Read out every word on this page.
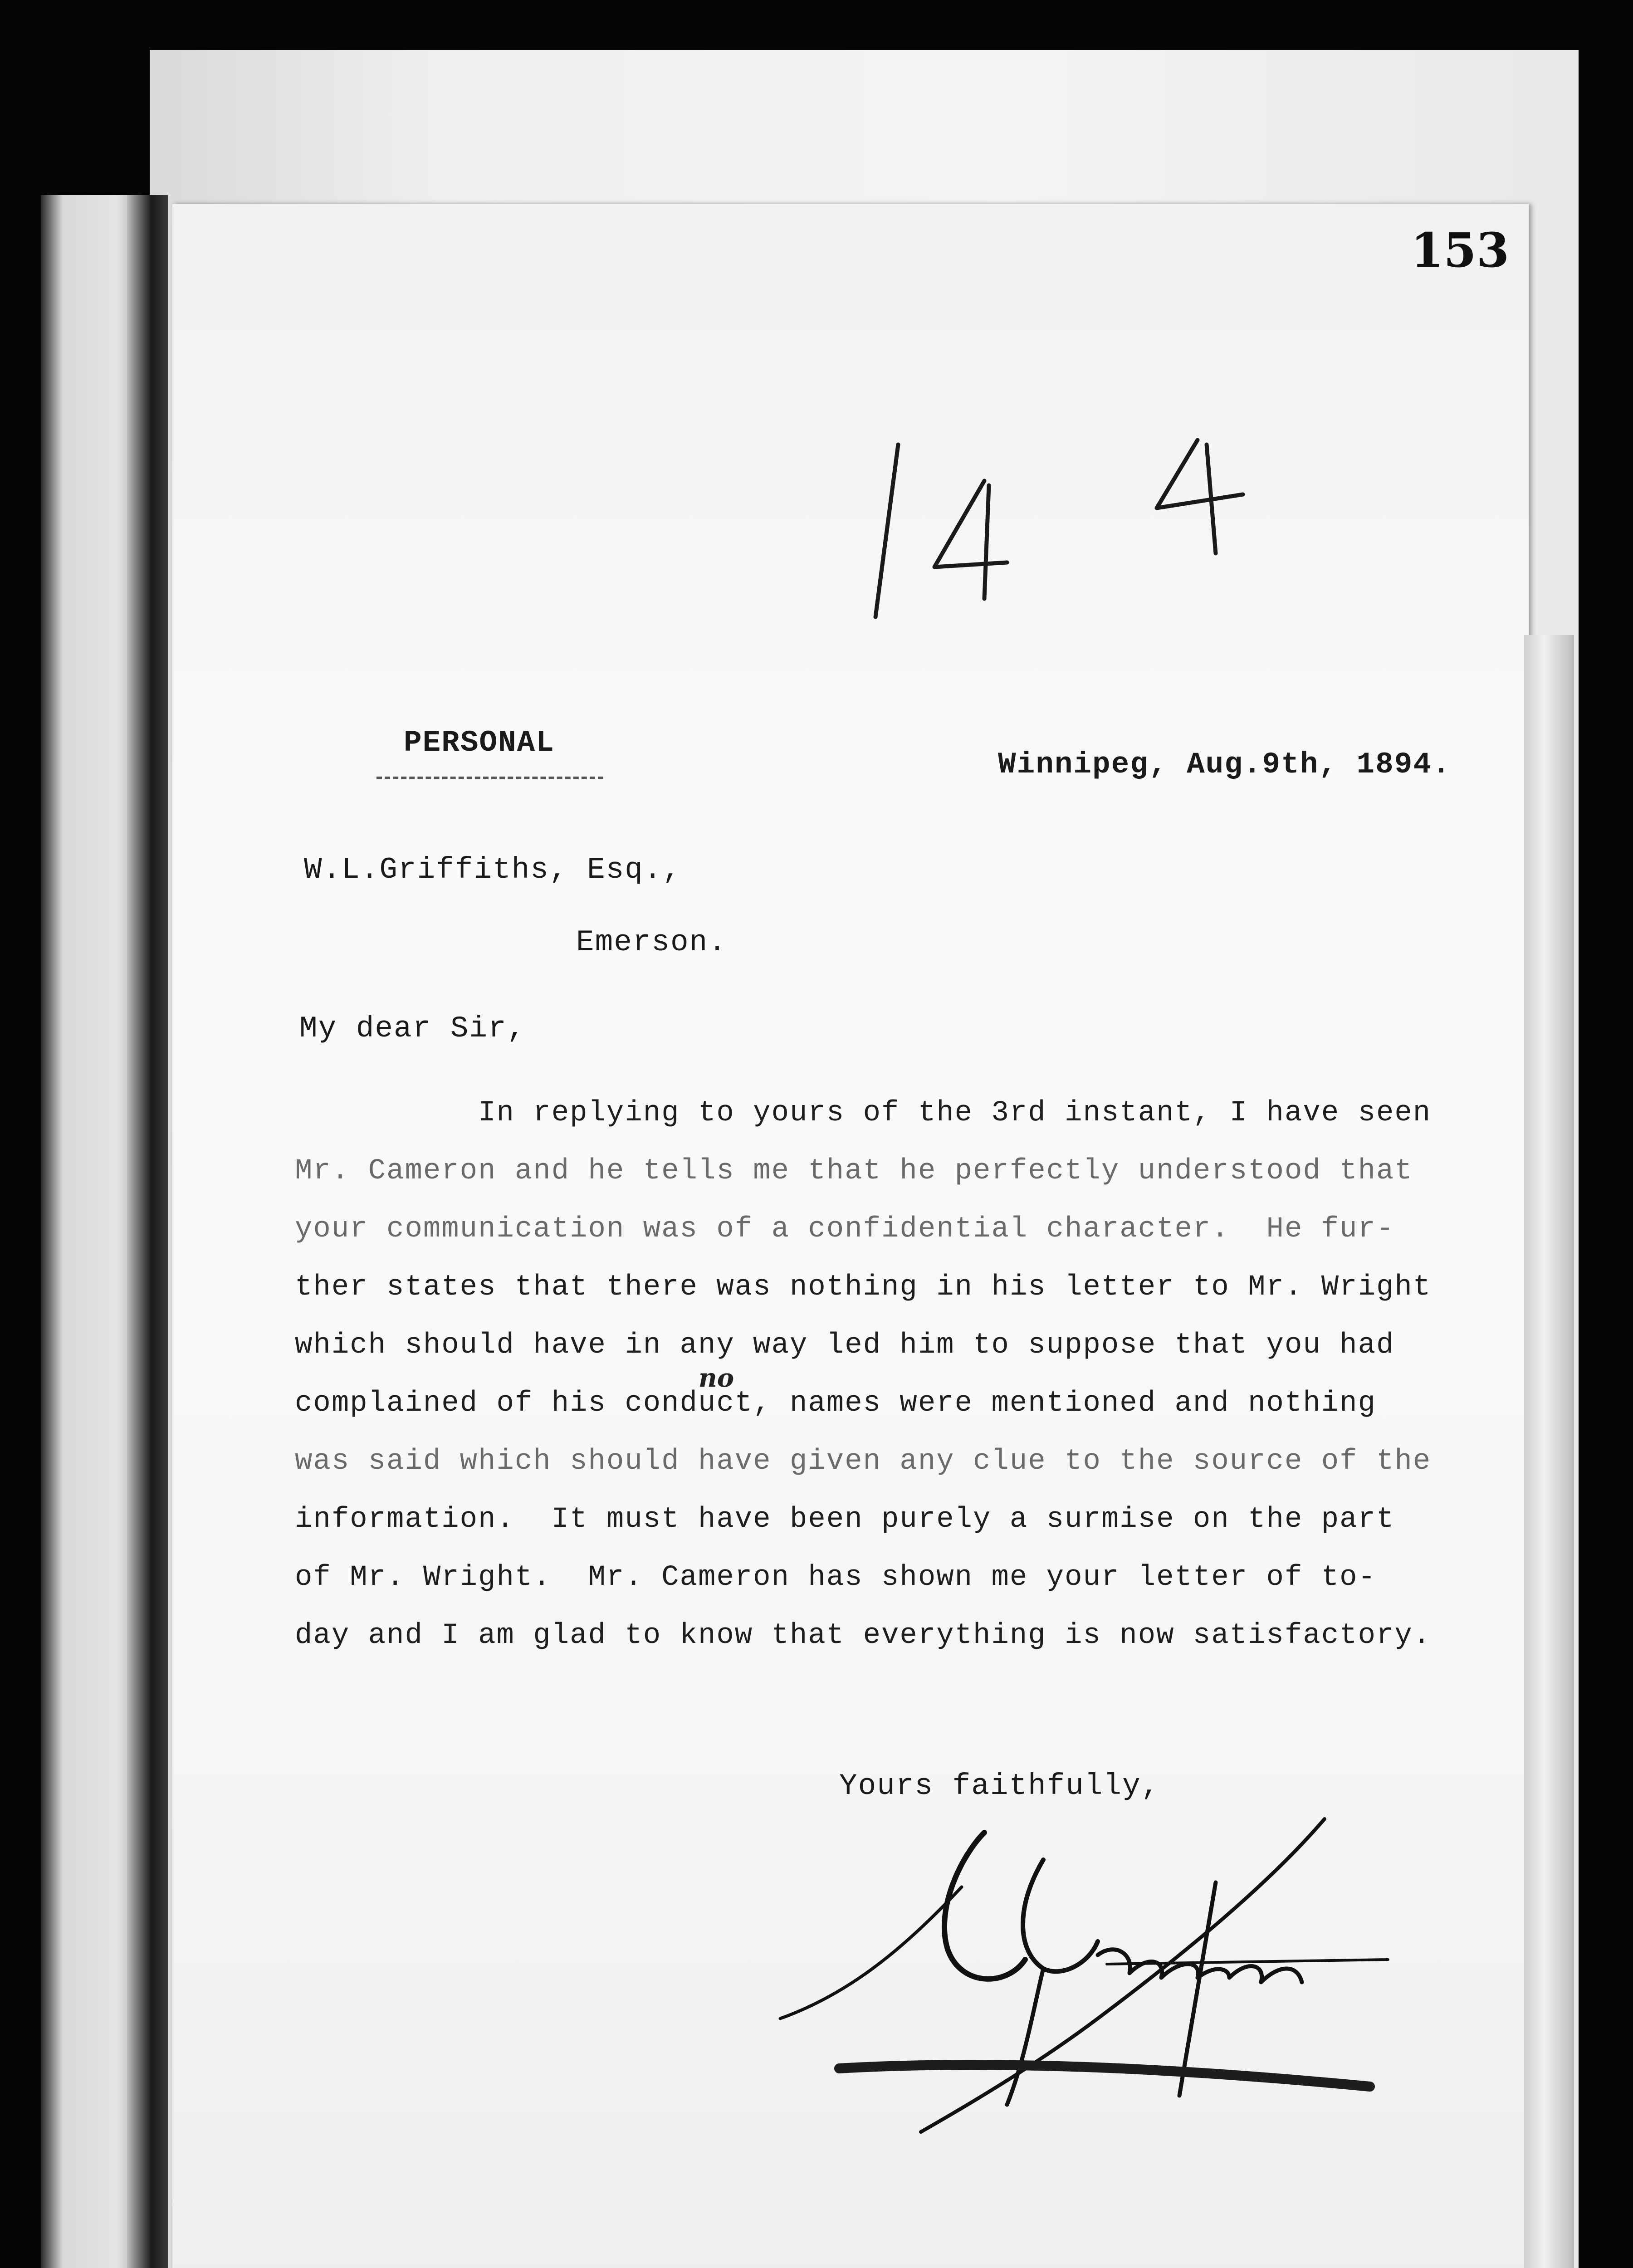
153
PERSONAL
Winnipeg, Aug.9th, 1894.
W.L.Griffiths, Esq.,
Emerson.
My dear Sir,
In replying to yours of the 3rd instant, I have seen
Mr. Cameron and he tells me that he perfectly understood that
your communication was of a confidential character.  He fur-
ther states that there was nothing in his letter to Mr. Wright
which should have in any way led him to suppose that you had
complained of his conduct, names were mentioned and nothing
was said which should have given any clue to the source of the
information.  It must have been purely a surmise on the part
of Mr. Wright.  Mr. Cameron has shown me your letter of to-
day and I am glad to know that everything is now satisfactory.
no
Yours faithfully,
